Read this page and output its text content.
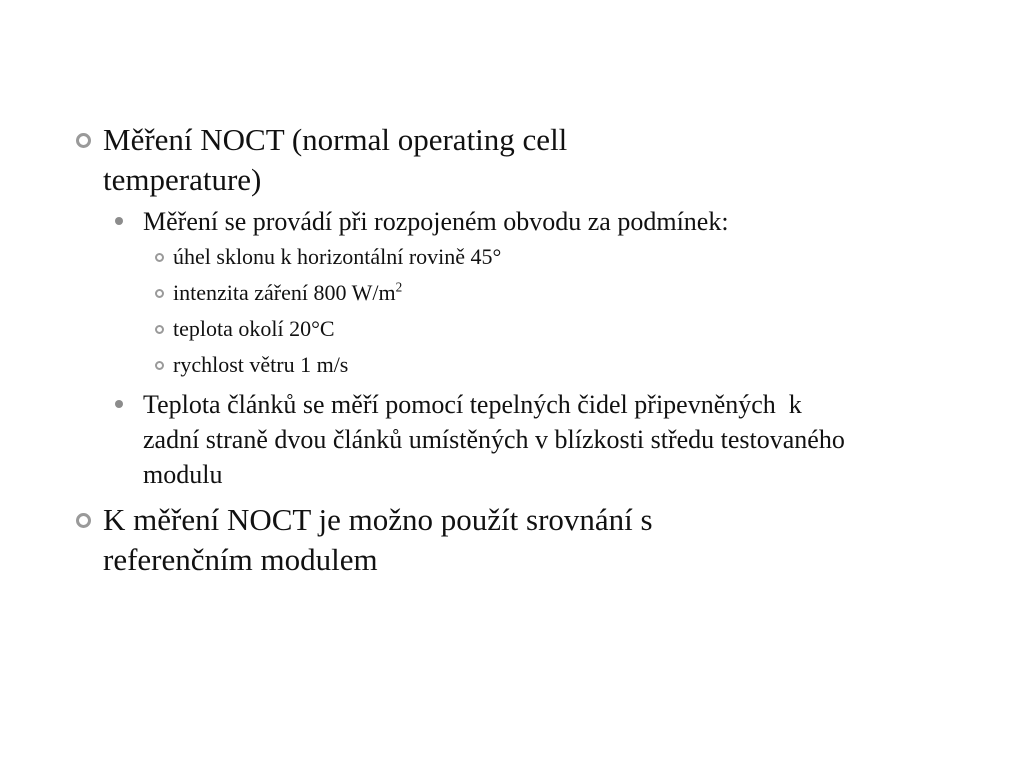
Měření NOCT (normal operating cell temperature)
Měření se provádí při rozpojeném obvodu za podmínek:
úhel sklonu k horizontální rovině 45°
intenzita záření 800 $W/m^2$
teplota okolí 20°C
rychlost větru 1 m/s
Teplota článků se měří pomocí tepelných čidel připevněných  k zadní straně dvou článků umístěných v blízkosti středu testovaného modulu
K měření NOCT je možno použít srovnání s referenčním modulem
